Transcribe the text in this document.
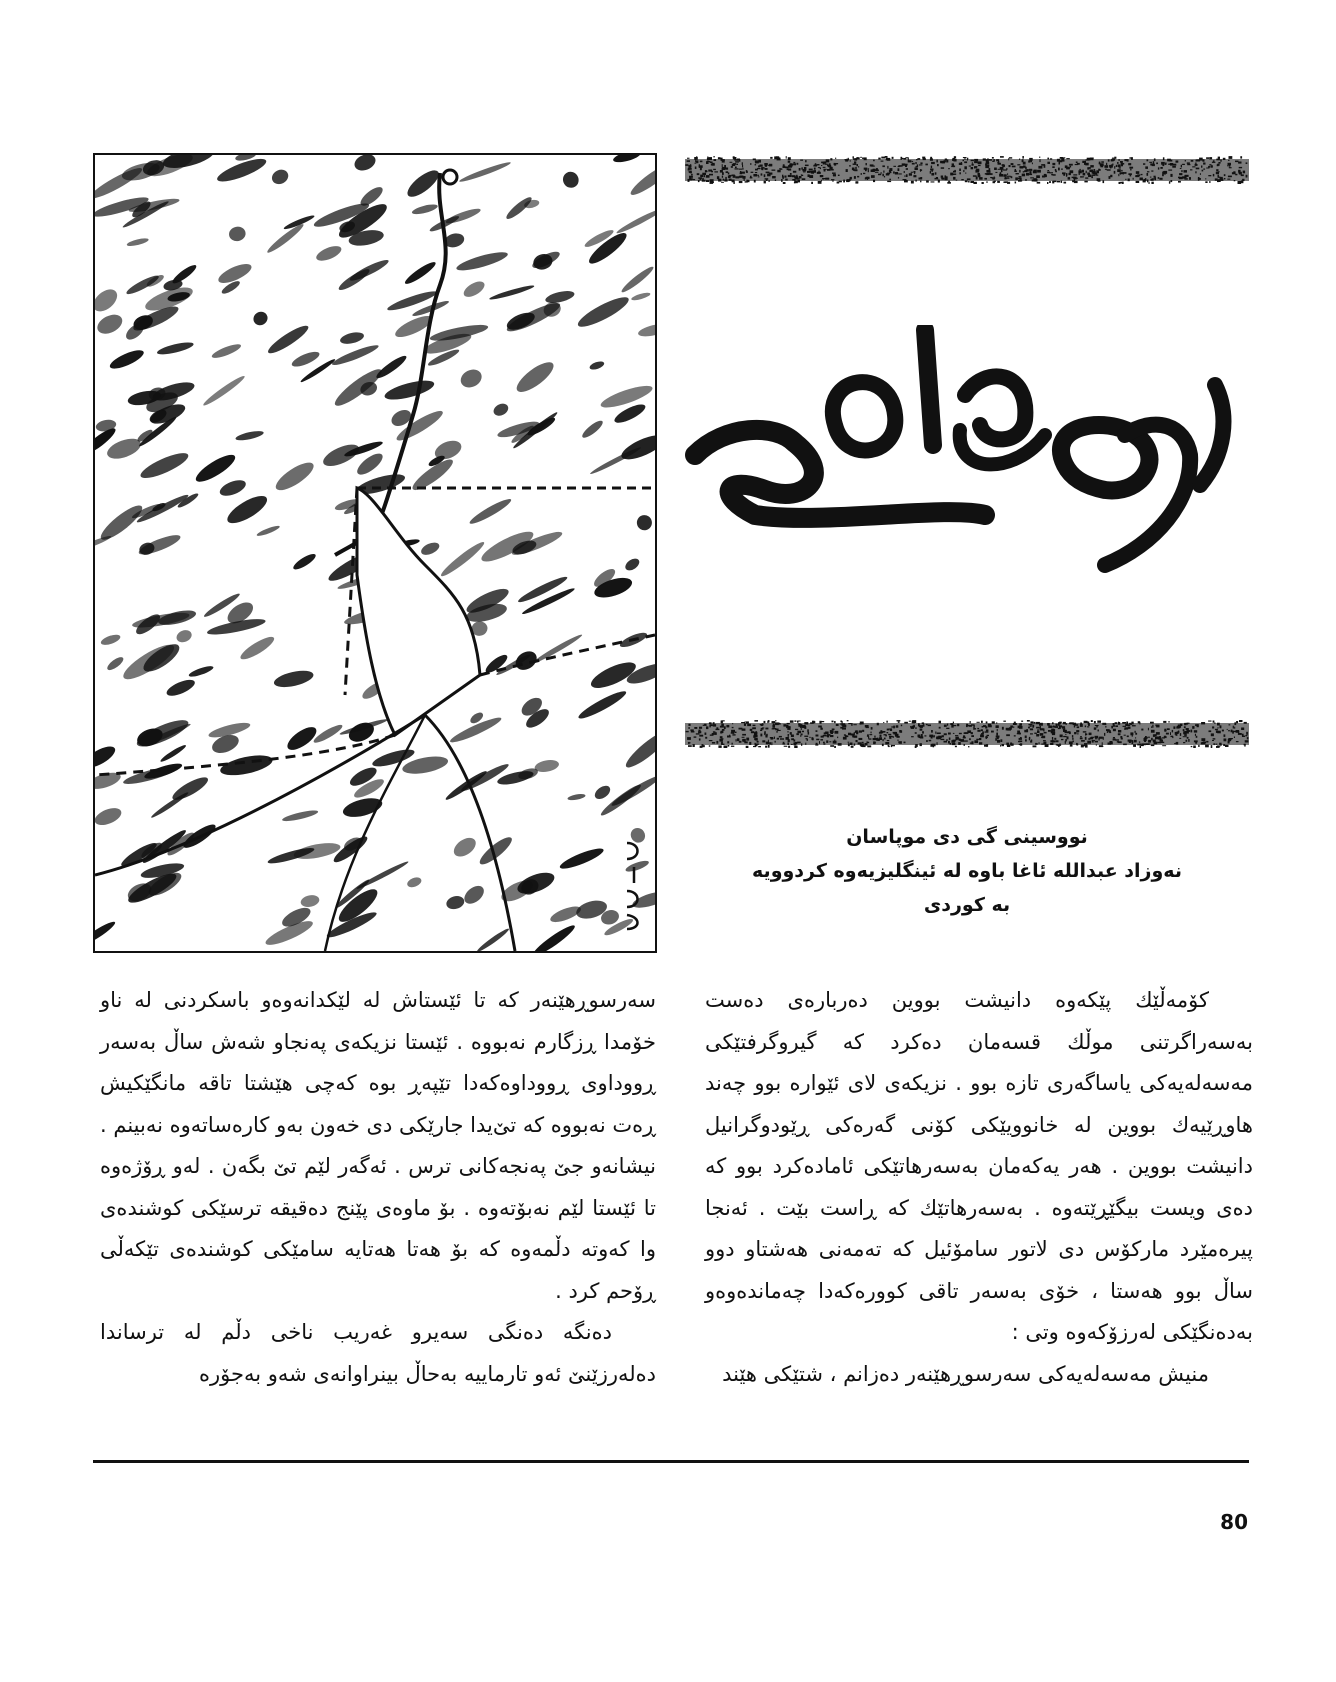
نووسینی گی دی موپاسان
نەوزاد عبداللە ئاغا باوە لە ئینگلیزیەوە کردوویە
بە کوردی

کۆمەڵێك پێکەوە دانیشت بووین دەربارەی دەست بەسەراگرتنی موڵك قسەمان دەکرد کە گیروگرفتێکی مەسەلەیەکی یاساگەری تازە بوو . نزیکەی لای ئێوارە بوو چەند هاوڕێیەك بووین لە خانوویێکی کۆنی گەرەکی ڕێودوگرانیل دانیشت بووین . هەر یەکەمان بەسەرهاتێکی ئامادەکرد بوو کە دەی ویست بیگێڕێتەوە . بەسەرهاتێك کە ڕاست بێت . ئەنجا پیرەمێرد مارکۆس دی لاتور سامۆئیل کە تەمەنی هەشتاو دوو ساڵ بوو هەستا ، خۆی بەسەر تاقی کوورەکەدا چەماندەوەو بەدەنگێکی لەرزۆکەوە وتی :

منیش مەسەلەیەکی سەرسوڕهێنەر دەزانم ، شتێکی هێند

سەرسوڕهێنەر کە تا ئێستاش لە لێکدانەوەو باسکردنی لە ناو خۆمدا ڕزگارم نەبووە . ئێستا نزیکەی پەنجاو شەش ساڵ بەسەر ڕووداوی ڕووداوەکەدا تێپەڕ بوە کەچی هێشتا تاقە مانگێکیش ڕەت نەبووە کە تێ‌یدا جارێکی دی خەون بەو کارەساتەوە نەبینم . نیشانەو جێ پەنجەکانی ترس . ئەگەر لێم تێ بگەن . لەو ڕۆژەوە تا ئێستا لێم نەبۆتەوە . بۆ ماوەی پێنج دەقیقە ترسێکی کوشندەی وا کەوتە دڵمەوە کە بۆ هەتا هەتایە سامێکی کوشندەی تێکەڵی ڕۆحم کرد .

دەنگە دەنگی سەیرو غەریب ناخی دڵم لە ترساندا دەلەرزێنێ ئەو تارماییە بەحاڵ بینراوانەی شەو بەجۆرە

80
